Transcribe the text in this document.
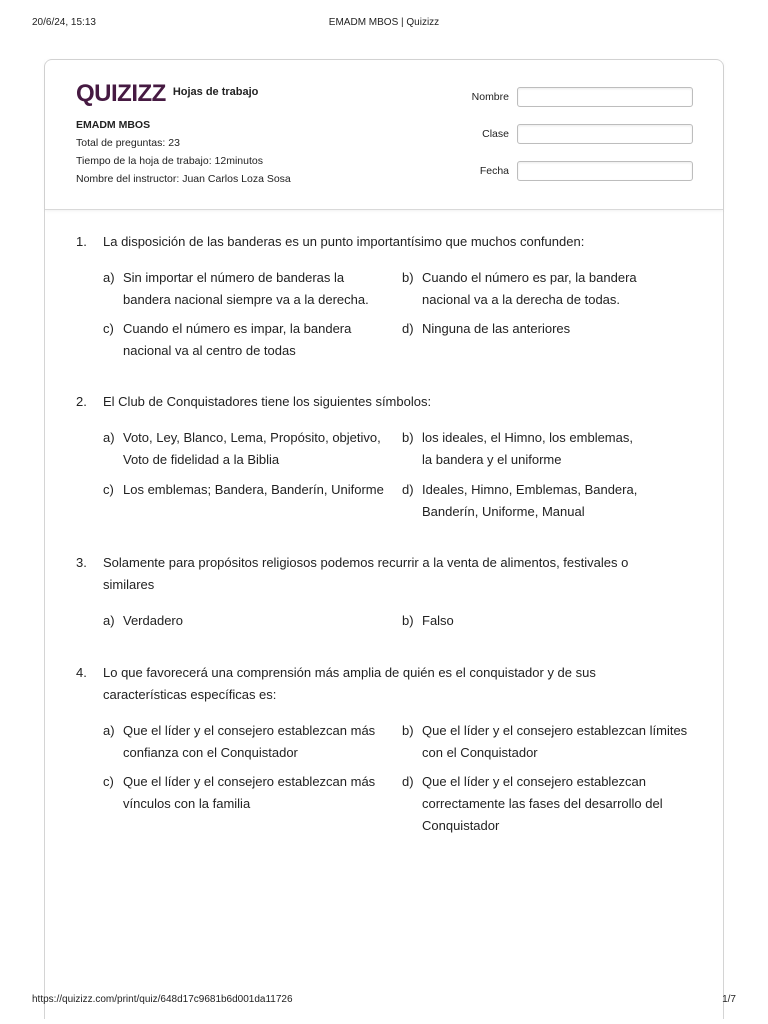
20/6/24, 15:13	EMADM MBOS | Quizizz
QUIZIZZ Hojas de trabajo
EMADM MBOS
Total de preguntas: 23
Tiempo de la hoja de trabajo: 12minutos
Nombre del instructor: Juan Carlos Loza Sosa
Nombre
Clase
Fecha
1.	La disposición de las banderas es un punto importantísimo que muchos confunden:
a) Sin importar el número de banderas la
bandera nacional siempre va a la derecha.
b) Cuando el número es par, la bandera
nacional va a la derecha de todas.
c) Cuando el número es impar, la bandera
nacional va al centro de todas
d) Ninguna de las anteriores
2.	El Club de Conquistadores tiene los siguientes símbolos:
a) Voto, Ley, Blanco, Lema, Propósito, objetivo,
Voto de fidelidad a la Biblia
b) los ideales, el Himno, los emblemas,
la bandera y el uniforme
c) Los emblemas; Bandera, Banderín, Uniforme d) Ideales, Himno, Emblemas, Bandera,
Banderín, Uniforme, Manual
3.	Solamente para propósitos religiosos podemos recurrir a la venta de alimentos, festivales o
similares
a) Verdadero	b) Falso
4.	Lo que favorecerá una comprensión más amplia de quién es el conquistador y de sus
características específicas es:
a) Que el líder y el consejero establezcan más
confianza con el Conquistador
b) Que el líder y el consejero establezcan límites
con el Conquistador
c) Que el líder y el consejero establezcan más
vínculos con la familia
d) Que el líder y el consejero establezcan
correctamente las fases del desarrollo del
Conquistador
https://quizizz.com/print/quiz/648d17c9681b6d001da11726	1/7
